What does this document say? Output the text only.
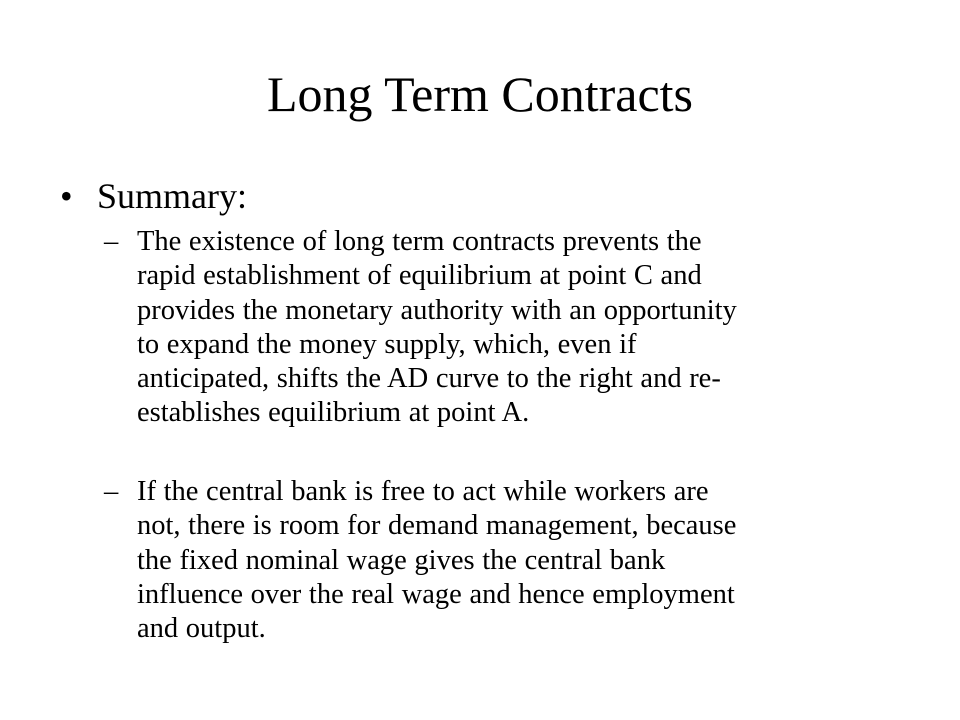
Long Term Contracts
• Summary:
– The existence of long term contracts prevents the
rapid establishment of equilibrium at point C and
provides the monetary authority with an opportunity
to expand the money supply, which, even if
anticipated, shifts the AD curve to the right and re-
establishes equilibrium at point A.
– If the central bank is free to act while workers are
not, there is room for demand management, because
the fixed nominal wage gives the central bank
influence over the real wage and hence employment
and output.
